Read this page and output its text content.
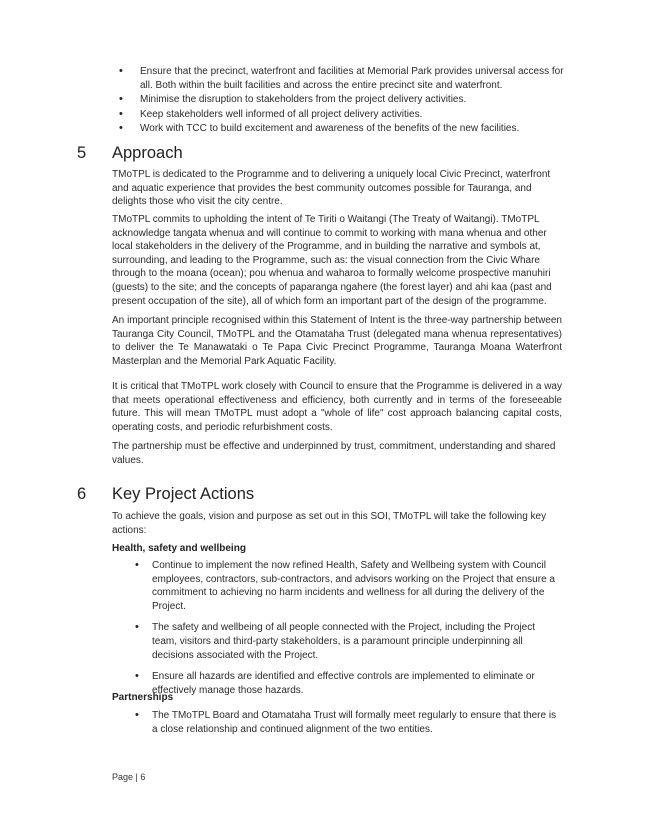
• Ensure that the precinct, waterfront and facilities at Memorial Park provides universal access for all. Both within the built facilities and across the entire precinct site and waterfront.
• Minimise the disruption to stakeholders from the project delivery activities.
• Keep stakeholders well informed of all project delivery activities.
• Work with TCC to build excitement and awareness of the benefits of the new facilities.
5 Approach

TMoTPL is dedicated to the Programme and to delivering a uniquely local Civic Precinct, waterfront and aquatic experience that provides the best community outcomes possible for Tauranga, and delights those who visit the city centre.

TMoTPL commits to upholding the intent of Te Tiriti o Waitangi (The Treaty of Waitangi). TMoTPL acknowledge tangata whenua and will continue to commit to working with mana whenua and other local stakeholders in the delivery of the Programme, and in building the narrative and symbols at, surrounding, and leading to the Programme, such as: the visual connection from the Civic Whare through to the moana (ocean); pou whenua and waharoa to formally welcome prospective manuhiri (guests) to the site; and the concepts of paparanga ngahere (the forest layer) and ahi kaa (past and present occupation of the site), all of which form an important part of the design of the programme.

An important principle recognised within this Statement of Intent is the three-way partnership between Tauranga City Council, TMoTPL and the Otamataha Trust (delegated mana whenua representatives) to deliver the Te Manawataki o Te Papa Civic Precinct Programme, Tauranga Moana Waterfront Masterplan and the Memorial Park Aquatic Facility.

It is critical that TMoTPL work closely with Council to ensure that the Programme is delivered in a way that meets operational effectiveness and efficiency, both currently and in terms of the foreseeable future. This will mean TMoTPL must adopt a "whole of life" cost approach balancing capital costs, operating costs, and periodic refurbishment costs.

The partnership must be effective and underpinned by trust, commitment, understanding and shared values.

6 Key Project Actions

To achieve the goals, vision and purpose as set out in this SOI, TMoTPL will take the following key actions:

Health, safety and wellbeing
• Continue to implement the now refined Health, Safety and Wellbeing system with Council employees, contractors, sub-contractors, and advisors working on the Project that ensure a commitment to achieving no harm incidents and wellness for all during the delivery of the Project.
• The safety and wellbeing of all people connected with the Project, including the Project team, visitors and third-party stakeholders, is a paramount principle underpinning all decisions associated with the Project.
• Ensure all hazards are identified and effective controls are implemented to eliminate or effectively manage those hazards.
Partnerships
• The TMoTPL Board and Otamataha Trust will formally meet regularly to ensure that there is a close relationship and continued alignment of the two entities.
Page | 6
